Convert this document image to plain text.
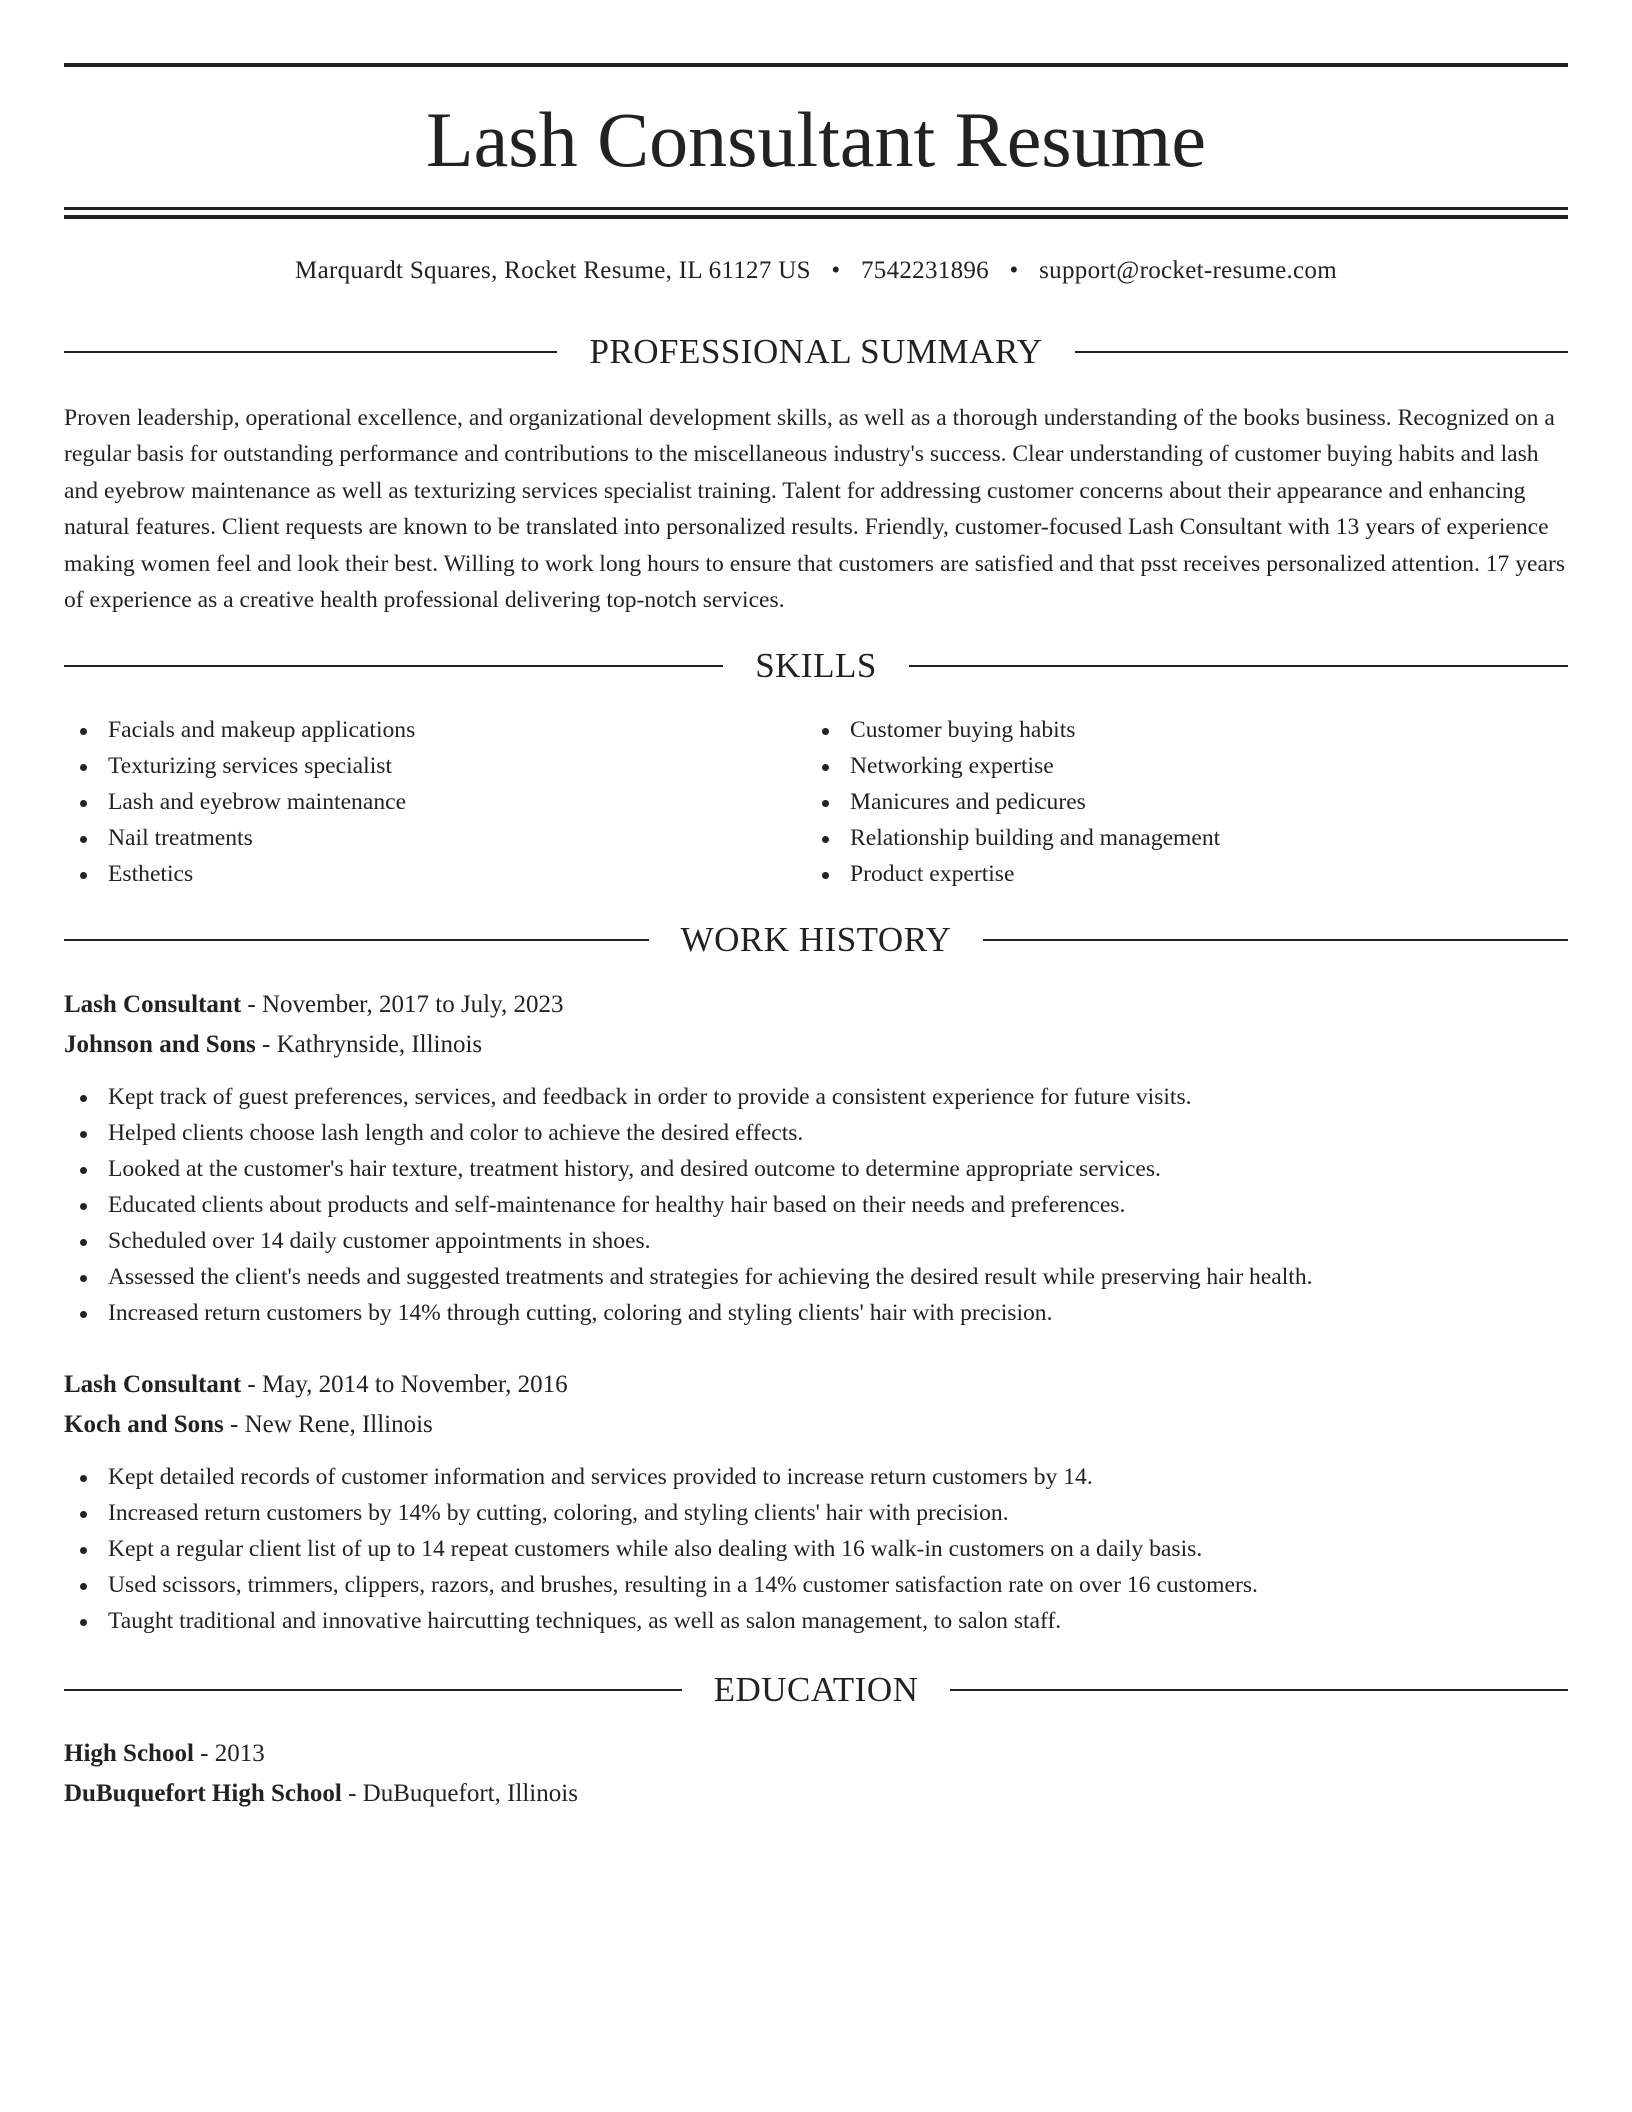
Lash Consultant Resume
Marquardt Squares, Rocket Resume, IL 61127 US • 7542231896 • support@rocket-resume.com
PROFESSIONAL SUMMARY

Proven leadership, operational excellence, and organizational development skills, as well as a thorough understanding of the books business. Recognized on a regular basis for outstanding performance and contributions to the miscellaneous industry's success. Clear understanding of customer buying habits and lash and eyebrow maintenance as well as texturizing services specialist training. Talent for addressing customer concerns about their appearance and enhancing natural features. Client requests are known to be translated into personalized results. Friendly, customer-focused Lash Consultant with 13 years of experience making women feel and look their best. Willing to work long hours to ensure that customers are satisfied and that psst receives personalized attention. 17 years of experience as a creative health professional delivering top-notch services.

SKILLS
Facials and makeup applications
Texturizing services specialist
Lash and eyebrow maintenance
Nail treatments
Esthetics
Customer buying habits
Networking expertise
Manicures and pedicures
Relationship building and management
Product expertise
WORK HISTORY
Lash Consultant - November, 2017 to July, 2023
Johnson and Sons - Kathrynside, Illinois
Kept track of guest preferences, services, and feedback in order to provide a consistent experience for future visits.
Helped clients choose lash length and color to achieve the desired effects.
Looked at the customer's hair texture, treatment history, and desired outcome to determine appropriate services.
Educated clients about products and self-maintenance for healthy hair based on their needs and preferences.
Scheduled over 14 daily customer appointments in shoes.
Assessed the client's needs and suggested treatments and strategies for achieving the desired result while preserving hair health.
Increased return customers by 14% through cutting, coloring and styling clients' hair with precision.
Lash Consultant - May, 2014 to November, 2016
Koch and Sons - New Rene, Illinois
Kept detailed records of customer information and services provided to increase return customers by 14.
Increased return customers by 14% by cutting, coloring, and styling clients' hair with precision.
Kept a regular client list of up to 14 repeat customers while also dealing with 16 walk-in customers on a daily basis.
Used scissors, trimmers, clippers, razors, and brushes, resulting in a 14% customer satisfaction rate on over 16 customers.
Taught traditional and innovative haircutting techniques, as well as salon management, to salon staff.
EDUCATION
High School - 2013
DuBuquefort High School - DuBuquefort, Illinois
